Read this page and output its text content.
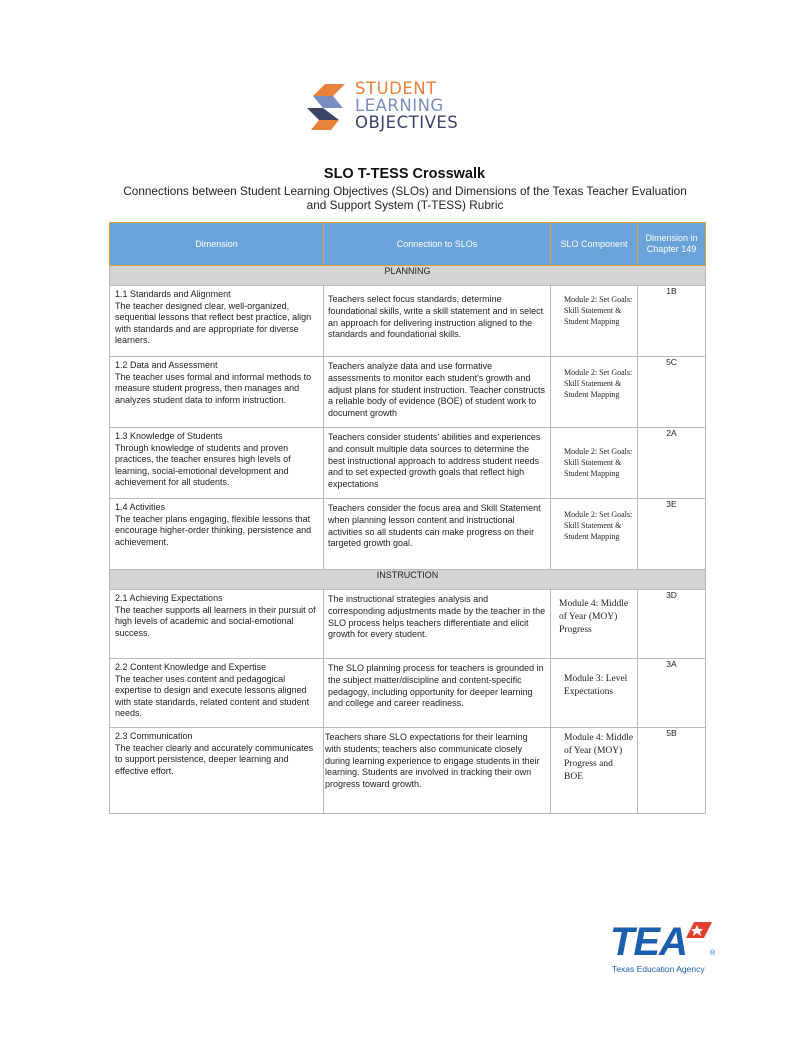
STUDENT
LEARNING
OBJECTIVES
SLO T-TESS Crosswalk
Connections between Student Learning Objectives (SLOs) and Dimensions of the Texas Teacher Evaluation and Support System (T-TESS) Rubric
Dimension	Connection to SLOs	SLO Component	Dimension in Chapter 149
PLANNING			

1.1 Standards and Alignment
The teacher designed clear, well-organized, sequential lessons that reflect best practice, align with standards and are appropriate for diverse learners.	Teachers select focus standards, determine foundational skills, write a skill statement and in select an approach for delivering instruction aligned to the standards and foundational skills.	Module 2: Set Goals: Skill Statement & Student Mapping	1B

1.2 Data and Assessment
The teacher uses formal and informal methods to measure student progress, then manages and analyzes student data to inform instruction.	Teachers analyze data and use formative assessments to monitor each student's growth and adjust plans for student instruction. Teacher constructs a reliable body of evidence (BOE) of student work to document growth	Module 2: Set Goals: Skill Statement & Student Mapping	5C

1.3 Knowledge of Students
Through knowledge of students and proven practices, the teacher ensures high levels of learning, social-emotional development and achievement for all students.	Teachers consider students' abilities and experiences and consult multiple data sources to determine the best instructional approach to address student needs and to set expected growth goals that reflect high expectations	Module 2: Set Goals: Skill Statement & Student Mapping	2A

1.4 Activities
The teacher plans engaging, flexible lessons that encourage higher-order thinking, persistence and achievement.	Teachers consider the focus area and Skill Statement when planning lesson content and instructional activities so all students can make progress on their targeted growth goal.	Module 2: Set Goals: Skill Statement & Student Mapping	3E
INSTRUCTION			

2.1 Achieving Expectations
The teacher supports all learners in their pursuit of high levels of academic and social-emotional success.	The instructional strategies analysis and corresponding adjustments made by the teacher in the SLO process helps teachers differentiate and elicit growth for every student.	Module 4: Middle of Year (MOY) Progress	3D

2.2 Content Knowledge and Expertise
The teacher uses content and pedagogical expertise to design and execute lessons aligned with state standards, related content and student needs.	The SLO planning process for teachers is grounded in the subject matter/discipline and content-specific pedagogy, including opportunity for deeper learning and college and career readiness.	Module 3: Level Expectations	3A

2.3 Communication
The teacher clearly and accurately communicates to support persistence, deeper learning and effective effort.	Teachers share SLO expectations for their learning with students; teachers also communicate closely during learning experience to engage students in their learning. Students are involved in tracking their own progress toward growth.	Module 4: Middle of Year (MOY) Progress and BOE	5B
TEA	®
Texas Education Agency
